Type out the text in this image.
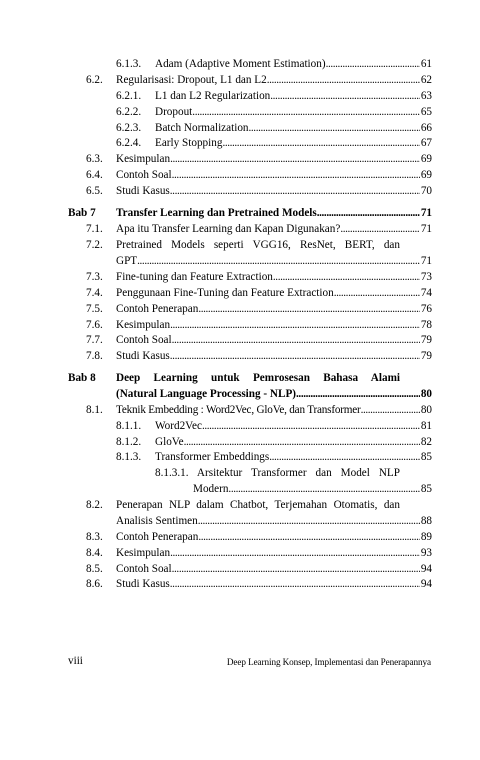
6.1.3. Adam (Adaptive Moment Estimation) . . .	61
6.2. Regularisasi: Dropout, L1 dan L2 . . .	62
6.2.1. L1 dan L2 Regularization . . .	63
6.2.2. Dropout . . .	65
6.2.3. Batch Normalization . . .	66
6.2.4. Early Stopping . . .	67
6.3. Kesimpulan . . .	69
6.4. Contoh Soal . . .	69
6.5. Studi Kasus . . .	70
Bab 7 Transfer Learning dan Pretrained Models . . .	71
7.1. Apa itu Transfer Learning dan Kapan Digunakan? . . .	71
7.2. Pretrained Models seperti VGG16, ResNet, BERT, dan
GPT . . .	71
7.3. Fine-tuning dan Feature Extraction . . .	73
7.4. Penggunaan Fine-Tuning dan Feature Extraction . . .	74
7.5. Contoh Penerapan . . .	76
7.6. Kesimpulan . . .	78
7.7. Contoh Soal . . .	79
7.8. Studi Kasus . . .	79
Bab 8 Deep Learning untuk Pemrosesan Bahasa Alami
(Natural Language Processing - NLP) . . .	80
8.1. Teknik Embedding : Word2Vec, GloVe, dan Transformer . . .	80
8.1.1. Word2Vec . . .	81
8.1.2. GloVe . . .	82
8.1.3. Transformer Embeddings . . .	85
8.1.3.1. Arsitektur Transformer dan Model NLP
Modern . . .	85
8.2. Penerapan NLP dalam Chatbot, Terjemahan Otomatis, dan
Analisis Sentimen . . .	88
8.3. Contoh Penerapan . . .	89
8.4. Kesimpulan . . .	93
8.5. Contoh Soal . . .	94
8.6. Studi Kasus . . .	94
viii	Deep Learning Konsep, Implementasi dan Penerapannya
